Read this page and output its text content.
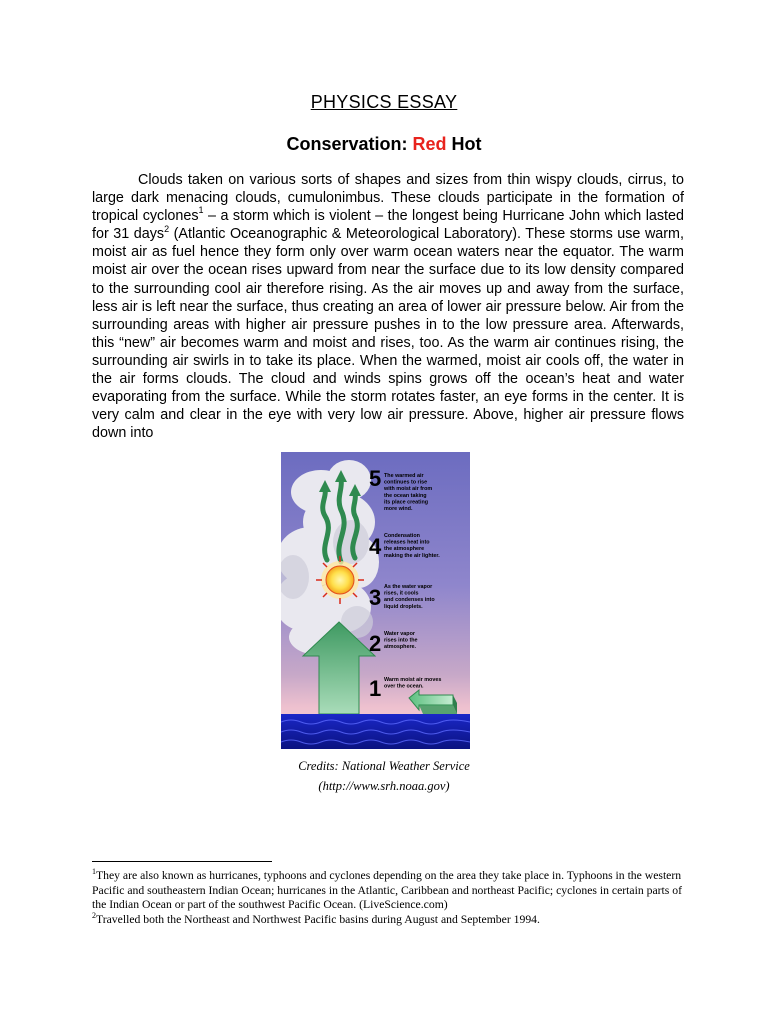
PHYSICS ESSAY
Conservation: Red Hot
Clouds taken on various sorts of shapes and sizes from thin wispy clouds, cirrus, to large dark menacing clouds, cumulonimbus. These clouds participate in the formation of tropical cyclones$^1$ – a storm which is violent – the longest being Hurricane John which lasted for 31 days$^2$ (Atlantic Oceanographic & Meteorological Laboratory). These storms use warm, moist air as fuel hence they form only over warm ocean waters near the equator. The warm moist air over the ocean rises upward from near the surface due to its low density compared to the surrounding cool air therefore rising. As the air moves up and away from the surface, less air is left near the surface, thus creating an area of lower air pressure below. Air from the surrounding areas with higher air pressure pushes in to the low pressure area. Afterwards, this “new” air becomes warm and moist and rises, too. As the warm air continues rising, the surrounding air swirls in to take its place. When the warmed, moist air cools off, the water in the air forms clouds. The cloud and winds spins grows off the ocean’s heat and water evaporating from the surface. While the storm rotates faster, an eye forms in the center. It is very calm and clear in the eye with very low air pressure. Above, higher air pressure flows down into
5
4
3
2
1
The warmed air
continues to rise
with moist air from
the ocean taking
its place creating
more wind.
Condensation
releases heat into
the atmosphere
making the air lighter.
As the water vapor
rises, it cools
and condenses into
liquid droplets.
Water vapor
rises into the
atmosphere.
Warm moist air moves
over the ocean.
Credits: National Weather Service
(http://www.srh.noaa.gov)

$^1$They are also known as hurricanes, typhoons and cyclones depending on the area they take place in. Typhoons in the western Pacific and southeastern Indian Ocean; hurricanes in the Atlantic, Caribbean and northeast Pacific; cyclones in certain parts of the Indian Ocean or part of the southwest Pacific Ocean. (LiveScience.com)

$^2$Travelled both the Northeast and Northwest Pacific basins during August and September 1994.
